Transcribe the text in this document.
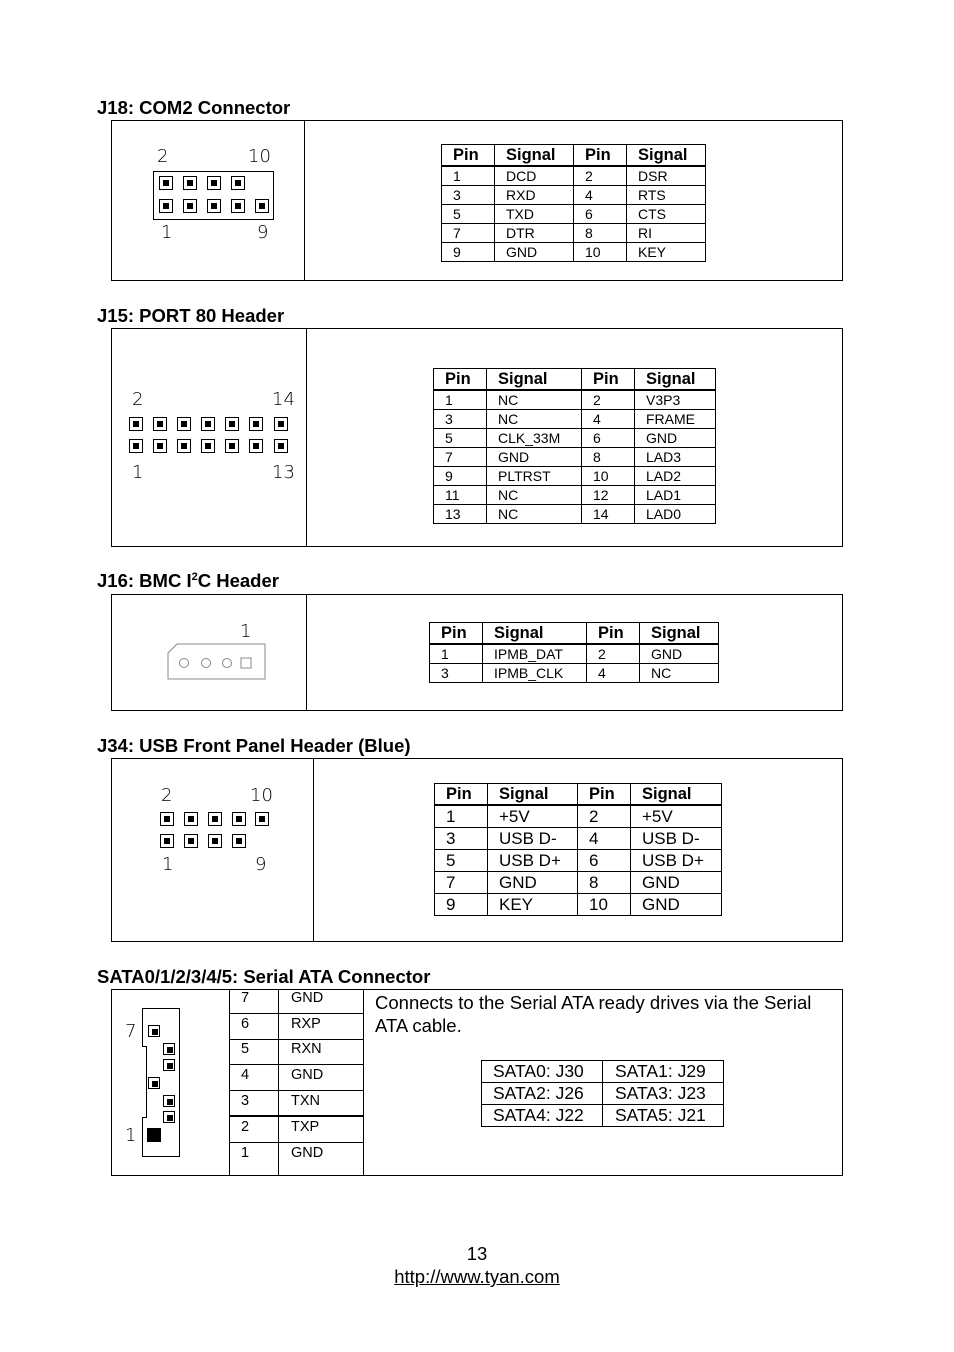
J18: COM2 Connector
2	10
1	9
Pin	Signal	Pin	Signal
1	DCD	2	DSR
3	RXD	4	RTS
5	TXD	6	CTS
7	DTR	8	RI
9	GND	10	KEY
J15: PORT 80 Header
2	14
1	13
Pin	Signal	Pin	Signal
1	NC	2	V3P3
3	NC	4	FRAME
5	CLK_33M	6	GND
7	GND	8	LAD3
9	PLTRST	10	LAD2
11	NC	12	LAD1
13	NC	14	LAD0
J16: BMC $I^2C$ Header
1	Pin	Signal	Pin	Signal
1	IPMB_DAT	2	GND
3	IPMB_CLK	4	NC
J34: USB Front Panel Header (Blue)
2	10
1	9
Pin	Signal	Pin	Signal
1	+5V	2	+5V
3	USB D-	4	USB D-
5	USB D+	6	USB D+
7	GND	8	GND
9	KEY	10	GND
SATA0/1/2/3/4/5: Serial ATA Connector
7
1
7	GND
6	RXP
5	RXN
4	GND
3	TXN
2	TXP
1	GND
Connects to the Serial ATA ready drives via the Serial ATA cable.
SATA0: J30	SATA1: J29
SATA2: J26	SATA3: J23
SATA4: J22	SATA5: J21
13
http://www.tyan.com
